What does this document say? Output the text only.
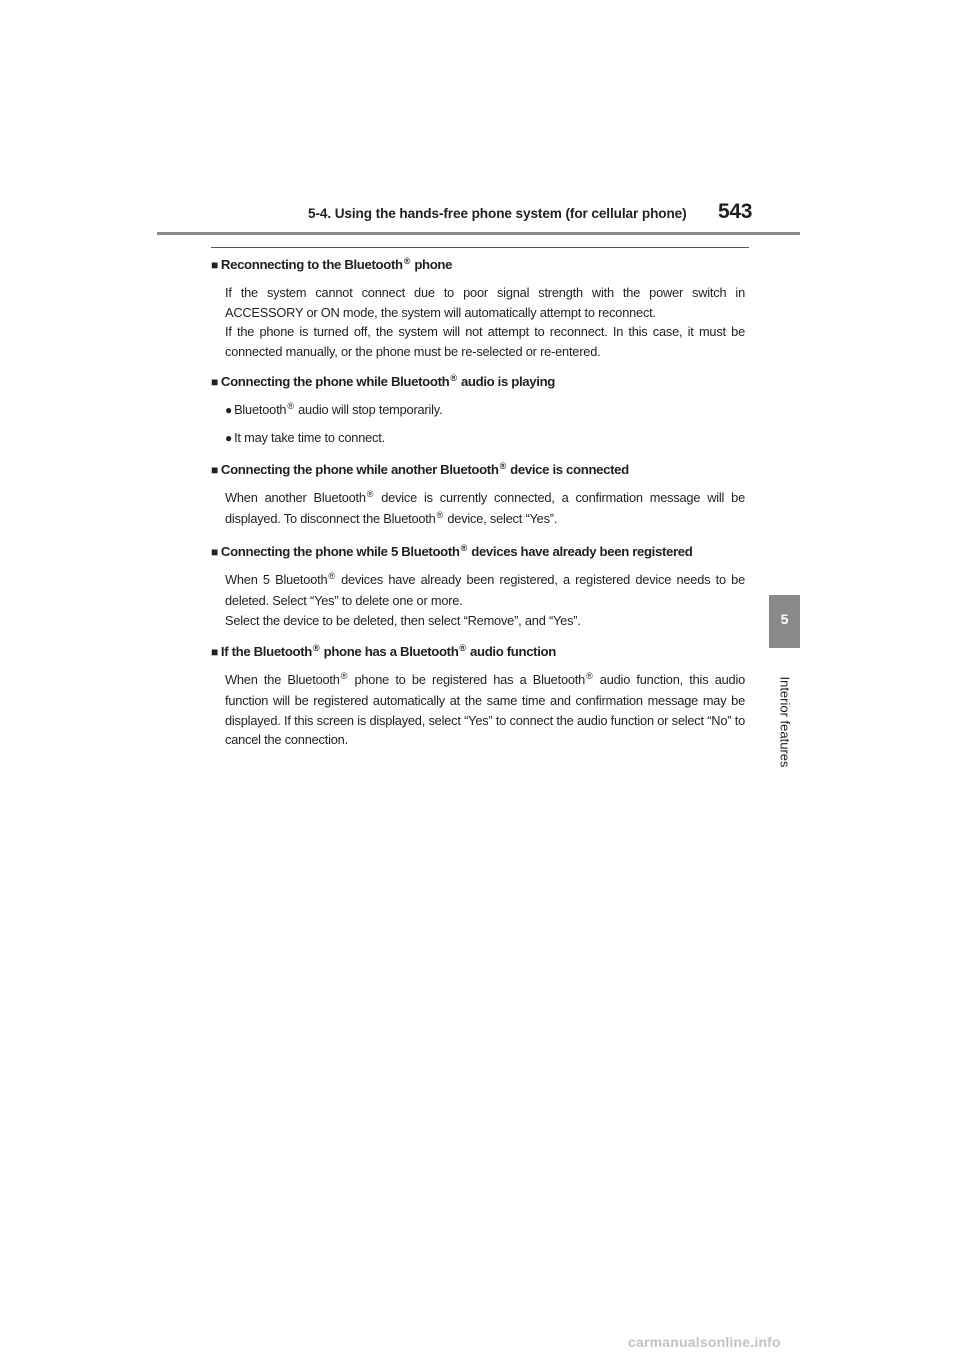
5-4. Using the hands-free phone system (for cellular phone) 543
5
Interior features
■ Reconnecting to the Bluetooth® phone
If the system cannot connect due to poor signal strength with the power switch in ACCESSORY or ON mode, the system will automatically attempt to reconnect.
If the phone is turned off, the system will not attempt to reconnect. In this case, it must be connected manually, or the phone must be re-selected or re-entered.
■ Connecting the phone while Bluetooth® audio is playing
● Bluetooth® audio will stop temporarily.
● It may take time to connect.
■ Connecting the phone while another Bluetooth® device is connected
When another Bluetooth® device is currently connected, a confirmation message will be displayed. To disconnect the Bluetooth® device, select “Yes”.
■ Connecting the phone while 5 Bluetooth® devices have already been registered
When 5 Bluetooth® devices have already been registered, a registered device needs to be deleted. Select “Yes” to delete one or more.
Select the device to be deleted, then select “Remove”, and “Yes”.
■ If the Bluetooth® phone has a Bluetooth® audio function
When the Bluetooth® phone to be registered has a Bluetooth® audio function, this audio function will be registered automatically at the same time and confirmation message may be displayed. If this screen is displayed, select “Yes” to connect the audio function or select “No” to cancel the connection.
carmanualsonline.info
